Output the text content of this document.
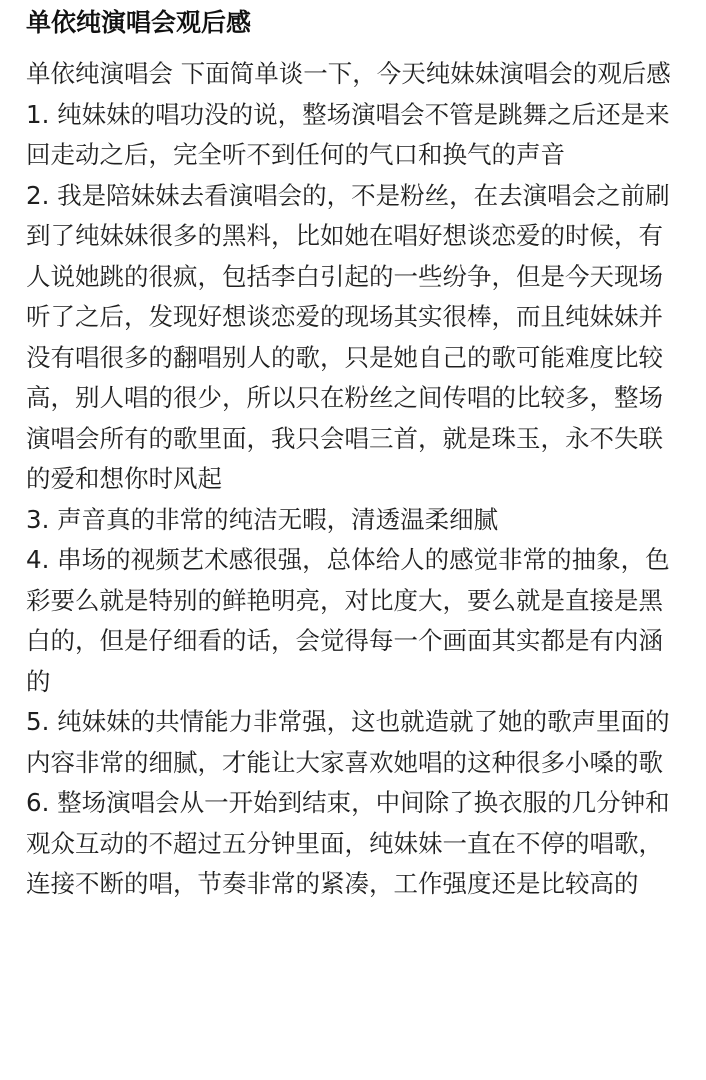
单依纯演唱会观后感
单依纯演唱会 下面简单谈一下，今天纯妹妹演唱会的观后感
1. 纯妹妹的唱功没的说，整场演唱会不管是跳舞之后还是来回走动之后，完全听不到任何的气口和换气的声音
2. 我是陪妹妹去看演唱会的，不是粉丝，在去演唱会之前刷到了纯妹妹很多的黑料，比如她在唱好想谈恋爱的时候，有人说她跳的很疯，包括李白引起的一些纷争，但是今天现场听了之后，发现好想谈恋爱的现场其实很棒，而且纯妹妹并没有唱很多的翻唱别人的歌，只是她自己的歌可能难度比较高，别人唱的很少，所以只在粉丝之间传唱的比较多，整场演唱会所有的歌里面，我只会唱三首，就是珠玉，永不失联的爱和想你时风起
3. 声音真的非常的纯洁无暇，清透温柔细腻
4. 串场的视频艺术感很强，总体给人的感觉非常的抽象，色彩要么就是特别的鲜艳明亮，对比度大，要么就是直接是黑白的，但是仔细看的话，会觉得每一个画面其实都是有内涵的
5. 纯妹妹的共情能力非常强，这也就造就了她的歌声里面的内容非常的细腻，才能让大家喜欢她唱的这种很多小嗓的歌
6. 整场演唱会从一开始到结束，中间除了换衣服的几分钟和观众互动的不超过五分钟里面，纯妹妹一直在不停的唱歌，连接不断的唱，节奏非常的紧凑，工作强度还是比较高的
